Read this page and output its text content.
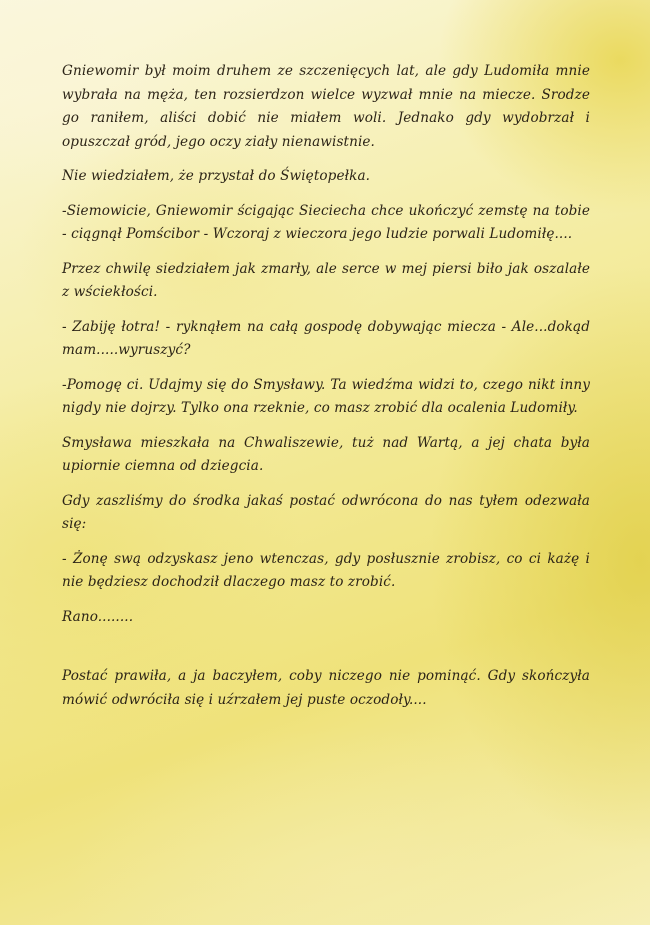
Gniewomir był moim druhem ze szczenięcych lat, ale gdy Ludomiła mnie wybrała na męża, ten rozsierdzon wielce wyzwał mnie na miecze. Srodze go raniłem, aliści dobić nie miałem woli. Jednako gdy wydobrzał i opuszczał gród, jego oczy ziały nienawistnie.

Nie wiedziałem, że przystał do Świętopełka.

-Siemowicie, Gniewomir ścigając Sieciecha chce ukończyć zemstę na tobie - ciągnął Pomścibor - Wczoraj z wieczora jego ludzie porwali Ludomiłę....

Przez chwilę siedziałem jak zmarły, ale serce w mej piersi biło jak oszalałe z wściekłości.

- Zabiję łotra! - ryknąłem na całą gospodę dobywając miecza - Ale...dokąd mam.....wyruszyć?

-Pomogę ci. Udajmy się do Smysławy. Ta wiedźma widzi to, czego nikt inny nigdy nie dojrzy. Tylko ona rzeknie, co masz zrobić dla ocalenia Ludomiły.

Smysława mieszkała na Chwaliszewie, tuż nad Wartą, a jej chata była upiornie ciemna od dziegcia.

Gdy zaszliśmy do środka jakaś postać odwrócona do nas tyłem odezwała się:

- Żonę swą odzyskasz jeno wtenczas, gdy posłusznie zrobisz, co ci każę i nie będziesz dochodził dlaczego masz to zrobić.

Rano........

Postać prawiła, a ja baczyłem, coby niczego nie pominąć. Gdy skończyła mówić odwróciła się i uźrzałem jej puste oczodoły....
